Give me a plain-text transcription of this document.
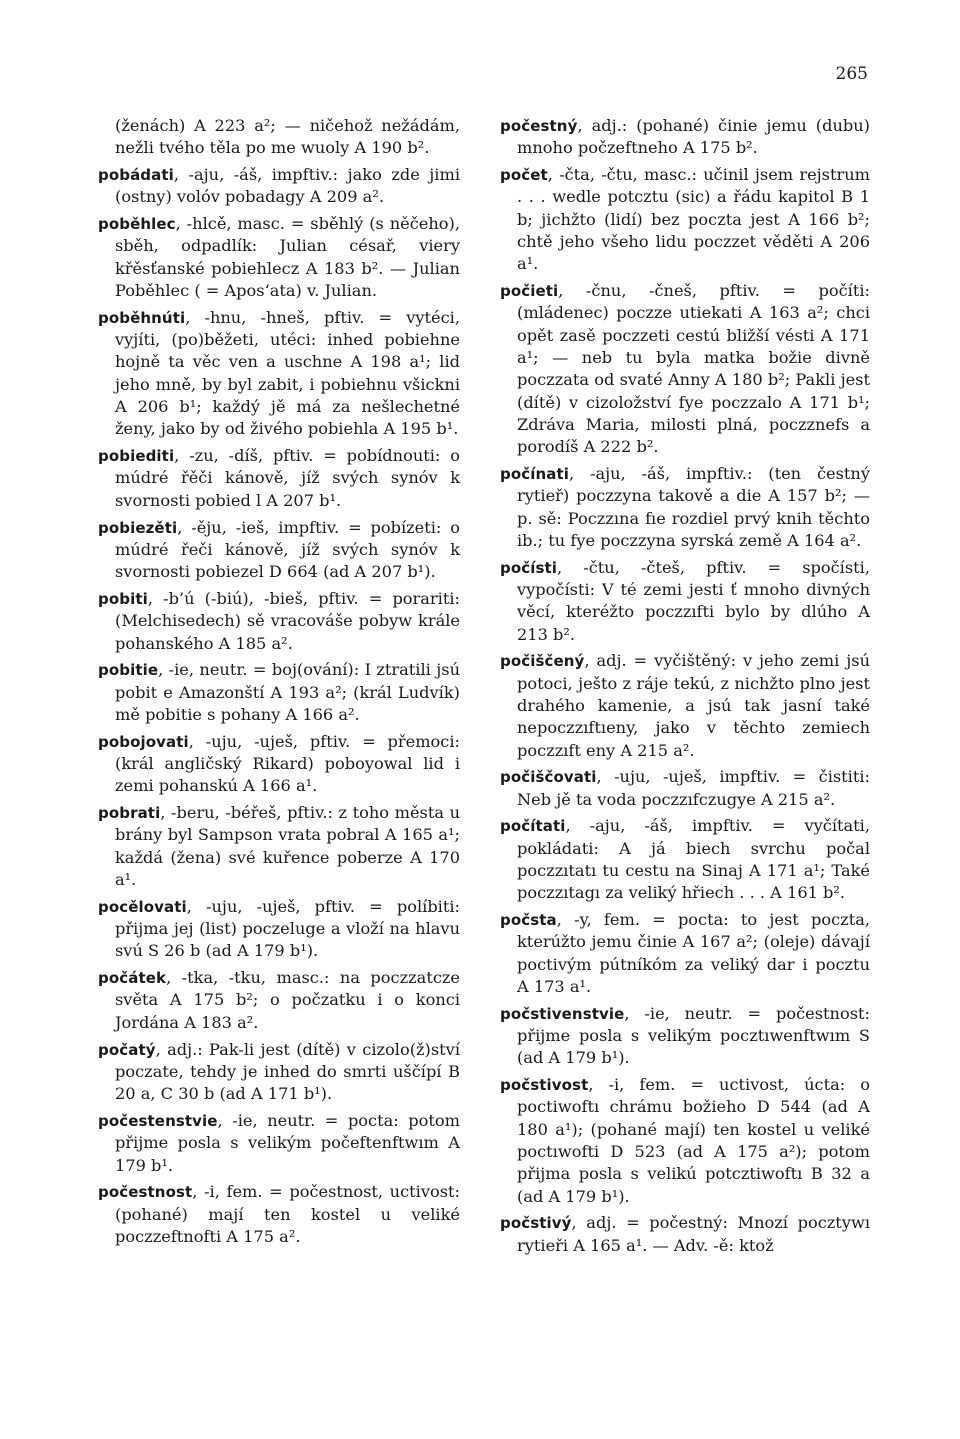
265

(ženách) A 223 a²; — ničehož nežádám, nežli tvého těla po me wuoly A 190 b².

pobádati, -aju, -áš, impftiv.: jako zde jimi (ostny) volóv pobadagy A 209 a².

poběhlec, -hlcě, masc. = sběhlý (s něčeho), sběh, odpadlík: Julian césař, viery křěsťanské pobiehlecz A 183 b². — Julian Poběhlec ( = Apos‘ata) v. Julian.

poběhnúti, -hnu, -hneš, pftiv. = vytéci, vyjíti, (po)běžeti, utéci: inhed pobiehne hojně ta věc ven a uschne A 198 a¹; lid jeho mně, by byl zabit, i pobiehnu všickni A 206 b¹; každý jě má za nešlechetné ženy, jako by od živého pobiehla A 195 b¹.

pobiediti, -zu, -díš, pftiv. = pobídnouti: o múdré řěči kánově, jíž svých synóv k svornosti pobied l A 207 b¹.

pobiezěti, -ěju, -ieš, impftiv. = pobízeti: o múdré řeči kánově, jíž svých synóv k svornosti pobiezel D 664 (ad A 207 b¹).

pobiti, -b’ú (-biú), -bieš, pftiv. = porariti: (Melchisedech) sě vracováše pobyw krále pohanského A 185 a².

pobitie, -ie, neutr. = boj(ování): I ztratili jsú pobit e Amazonští A 193 a²; (král Ludvík) mě pobitie s pohany A 166 a².

pobojovati, -uju, -uješ, pftiv. = přemoci: (král angličský Rikard) poboyowal lid i zemi pohanskú A 166 a¹.

pobrati, -beru, -béřeš, pftiv.: z toho města u brány byl Sampson vrata pobral A 165 a¹; každá (žena) své kuřence poberze A 170 a¹.

pocělovati, -uju, -uješ, pftiv. = políbiti: přijma jej (list) poczeluge a vloží na hlavu svú S 26 b (ad A 179 b¹).

počátek, -tka, -tku, masc.: na poczzatcze světa A 175 b²; o počzatku i o konci Jordána A 183 a².

počatý, adj.: Pak-li jest (dítě) v cizolo(ž)ství poczate, tehdy je inhed do smrti uščípí B 20 a, C 30 b (ad A 171 b¹).

počestenstvie, -ie, neutr. = pocta: potom přijme posla s velikým počeftenftwım A 179 b¹.

počestnost, -i, fem. = počestnost, uctivost: (pohané) mají ten kostel u veliké poczzeftnofti A 175 a².

počestný, adj.: (pohané) činie jemu (dubu) mnoho počzeftneho A 175 b².

počet, -čta, -čtu, masc.: učinil jsem rejstrum . . . wedle potcztu (sic) a řádu kapitol B 1 b; jichžto (lidí) bez poczta jest A 166 b²; chtě jeho všeho lidu poczzet věděti A 206 a¹.

počieti, -čnu, -čneš, pftiv. = počíti: (mládenec) poczze utiekati A 163 a²; chci opět zasě poczzeti cestú bližší vésti A 171 a¹; — neb tu byla matka božie divně poczzata od svaté Anny A 180 b²; Pakli jest (dítě) v cizoložství fye poczzalo A 171 b¹; Zdráva Maria, milosti plná, poczznefs a porodíš A 222 b².

počínati, -aju, -áš, impftiv.: (ten čestný rytieř) poczzyna takově a die A 157 b²; — p. sě: Poczzına fıe rozdiel prvý knih těchto ib.; tu fye poczzyna syrská země A 164 a².

počísti, -čtu, -čteš, pftiv. = spočísti, vypočísti: V té zemi jesti ť mnoho divných věcí, kteréžto poczzıfti bylo by dlúho A 213 b².

počiščený, adj. = vyčištěný: v jeho zemi jsú potoci, ješto z ráje tekú, z nichžto plno jest drahého kamenie, a jsú tak jasní také nepoczzıftıeny, jako v těchto zemiech poczzıft eny A 215 a².

počiščovati, -uju, -uješ, impftiv. = čistiti: Neb jě ta voda poczzıfczugye A 215 a².

počítati, -aju, -áš, impftiv. = vyčítati, pokládati: A já biech svrchu počal poczzıtatı tu cestu na Sinaj A 171 a¹; Také poczzıtagı za veliký hřiech . . . A 161 b².

počsta, -y, fem. = pocta: to jest poczta, kterúžto jemu činie A 167 a²; (oleje) dávají poctivým pútníkóm za veliký dar i pocztu A 173 a¹.

počstivenstvie, -ie, neutr. = počestnost: přijme posla s velikým pocztıwenftwım S (ad A 179 b¹).

počstivost, -i, fem. = uctivost, úcta: o poctiwoftı chrámu božieho D 544 (ad A 180 a¹); (pohané mají) ten kostel u veliké poctıwofti D 523 (ad A 175 a²); potom přijma posla s velikú potcztiwoftı B 32 a (ad A 179 b¹).

počstivý, adj. = počestný: Mnozí pocztywı rytieři A 165 a¹. — Adv. -ě: ktož
